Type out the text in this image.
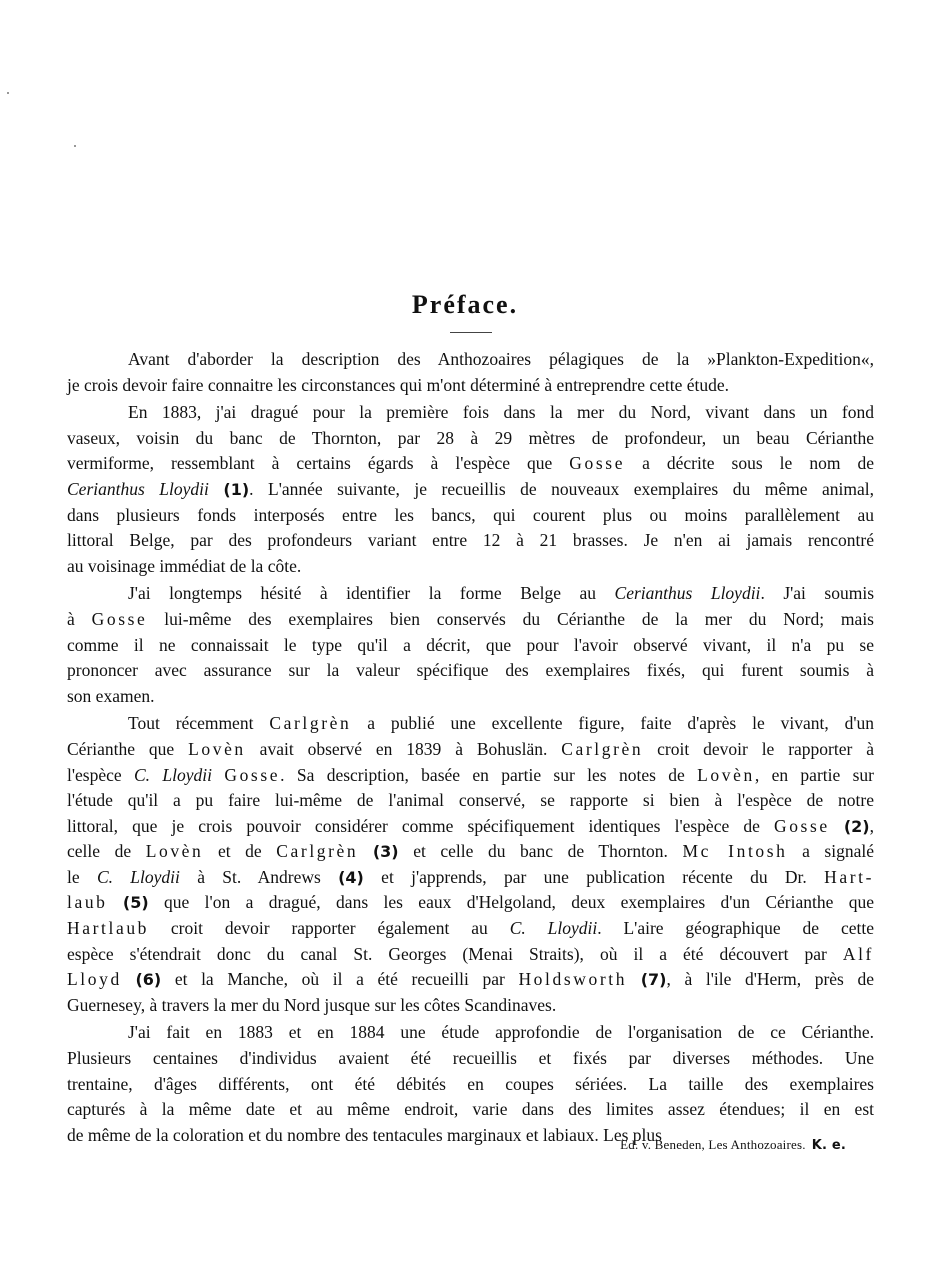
Préface.
Avant d'aborder la description des Anthozoaires pélagiques de la »Plankton-Expedition«,
je crois devoir faire connaitre les circonstances qui m'ont déterminé à entreprendre cette étude.
En 1883, j'ai dragué pour la première fois dans la mer du Nord, vivant dans un fond
vaseux, voisin du banc de Thornton, par 28 à 29 mètres de profondeur, un beau Cérianthe
vermiforme, ressemblant à certains égards à l'espèce que Gosse a décrite sous le nom de
Cerianthus Lloydii (1). L'année suivante, je recueillis de nouveaux exemplaires du même animal,
dans plusieurs fonds interposés entre les bancs, qui courent plus ou moins parallèlement au
littoral Belge, par des profondeurs variant entre 12 à 21 brasses. Je n'en ai jamais rencontré
au voisinage immédiat de la côte.
J'ai longtemps hésité à identifier la forme Belge au Cerianthus Lloydii. J'ai soumis
à Gosse lui-même des exemplaires bien conservés du Cérianthe de la mer du Nord; mais
comme il ne connaissait le type qu'il a décrit, que pour l'avoir observé vivant, il n'a pu se
prononcer avec assurance sur la valeur spécifique des exemplaires fixés, qui furent soumis à
son examen.
Tout récemment Carlgrèn a publié une excellente figure, faite d'après le vivant, d'un
Cérianthe que Lovèn avait observé en 1839 à Bohuslän. Carlgrèn croit devoir le rapporter à
l'espèce C. Lloydii Gosse. Sa description, basée en partie sur les notes de Lovèn, en partie sur
l'étude qu'il a pu faire lui-même de l'animal conservé, se rapporte si bien à l'espèce de notre
littoral, que je crois pouvoir considérer comme spécifiquement identiques l'espèce de Gosse (2),
celle de Lovèn et de Carlgrèn (3) et celle du banc de Thornton. Mc Intosh a signalé
le C. Lloydii à St. Andrews (4) et j'apprends, par une publication récente du Dr. Hart-
laub (5) que l'on a dragué, dans les eaux d'Helgoland, deux exemplaires d'un Cérianthe que
Hartlaub croit devoir rapporter également au C. Lloydii. L'aire géographique de cette
espèce s'étendrait donc du canal St. Georges (Menai Straits), où il a été découvert par Alf
Lloyd (6) et la Manche, où il a été recueilli par Holdsworth (7), à l'ile d'Herm, près de
Guernesey, à travers la mer du Nord jusque sur les côtes Scandinaves.
J'ai fait en 1883 et en 1884 une étude approfondie de l'organisation de ce Cérianthe.
Plusieurs centaines d'individus avaient été recueillis et fixés par diverses méthodes. Une
trentaine, d'âges différents, ont été débités en coupes sériées. La taille des exemplaires
capturés à la même date et au même endroit, varie dans des limites assez étendues; il en est
de même de la coloration et du nombre des tentacules marginaux et labiaux. Les plus
Ed. v. Beneden, Les Anthozoaires. K. e.
